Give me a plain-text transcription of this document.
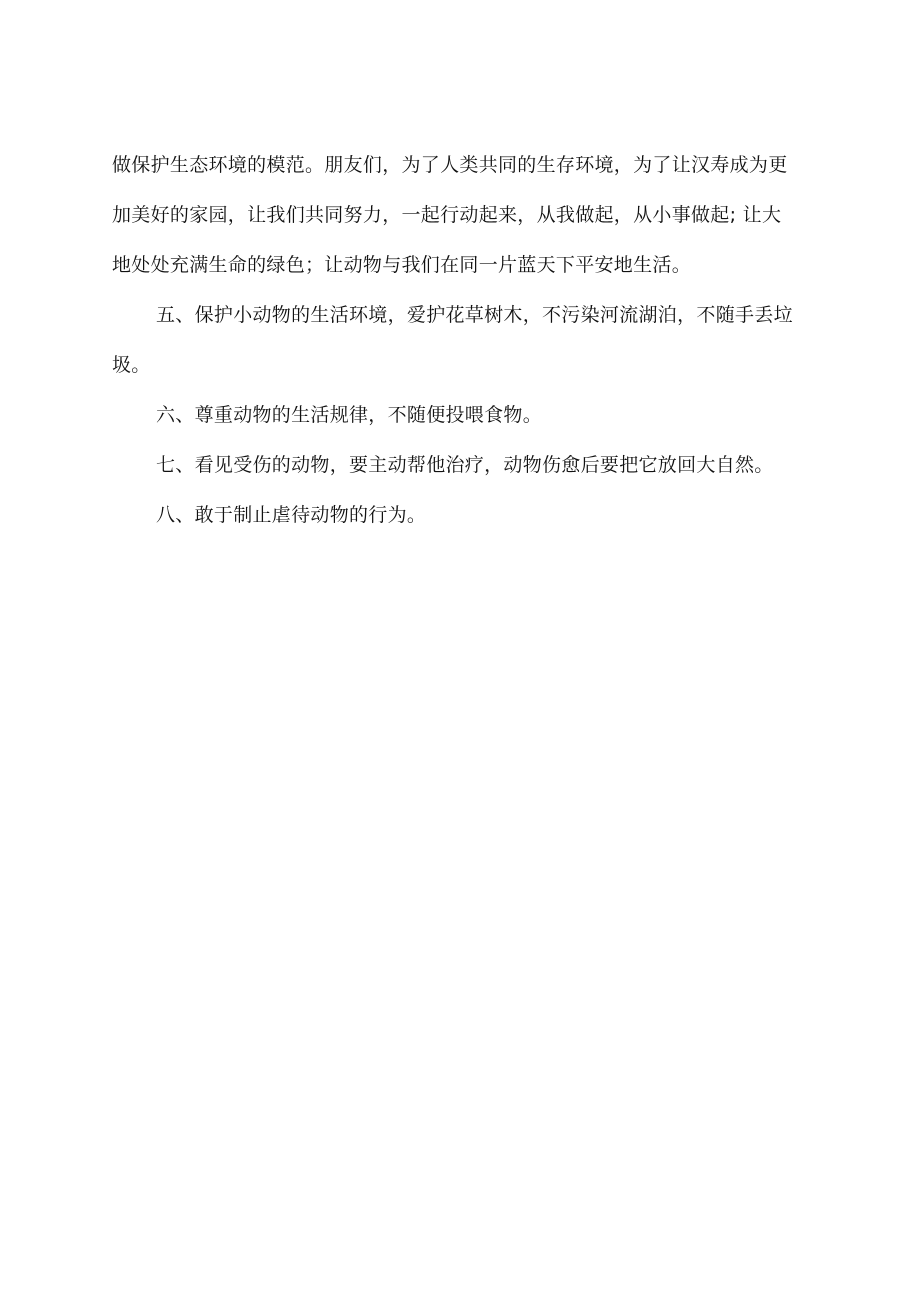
做保护生态环境的模范。朋友们，为了人类共同的生存环境，为了让汉寿成为更
加美好的家园，让我们共同努力，一起行动起来，从我做起，从小事做起; 让大
地处处充满生命的绿色；让动物与我们在同一片蓝天下平安地生活。
五、保护小动物的生活环境，爱护花草树木，不污染河流湖泊，不随手丢垃
圾。
六、尊重动物的生活规律，不随便投喂食物。
七、看见受伤的动物，要主动帮他治疗，动物伤愈后要把它放回大自然。
八、敢于制止虐待动物的行为。
